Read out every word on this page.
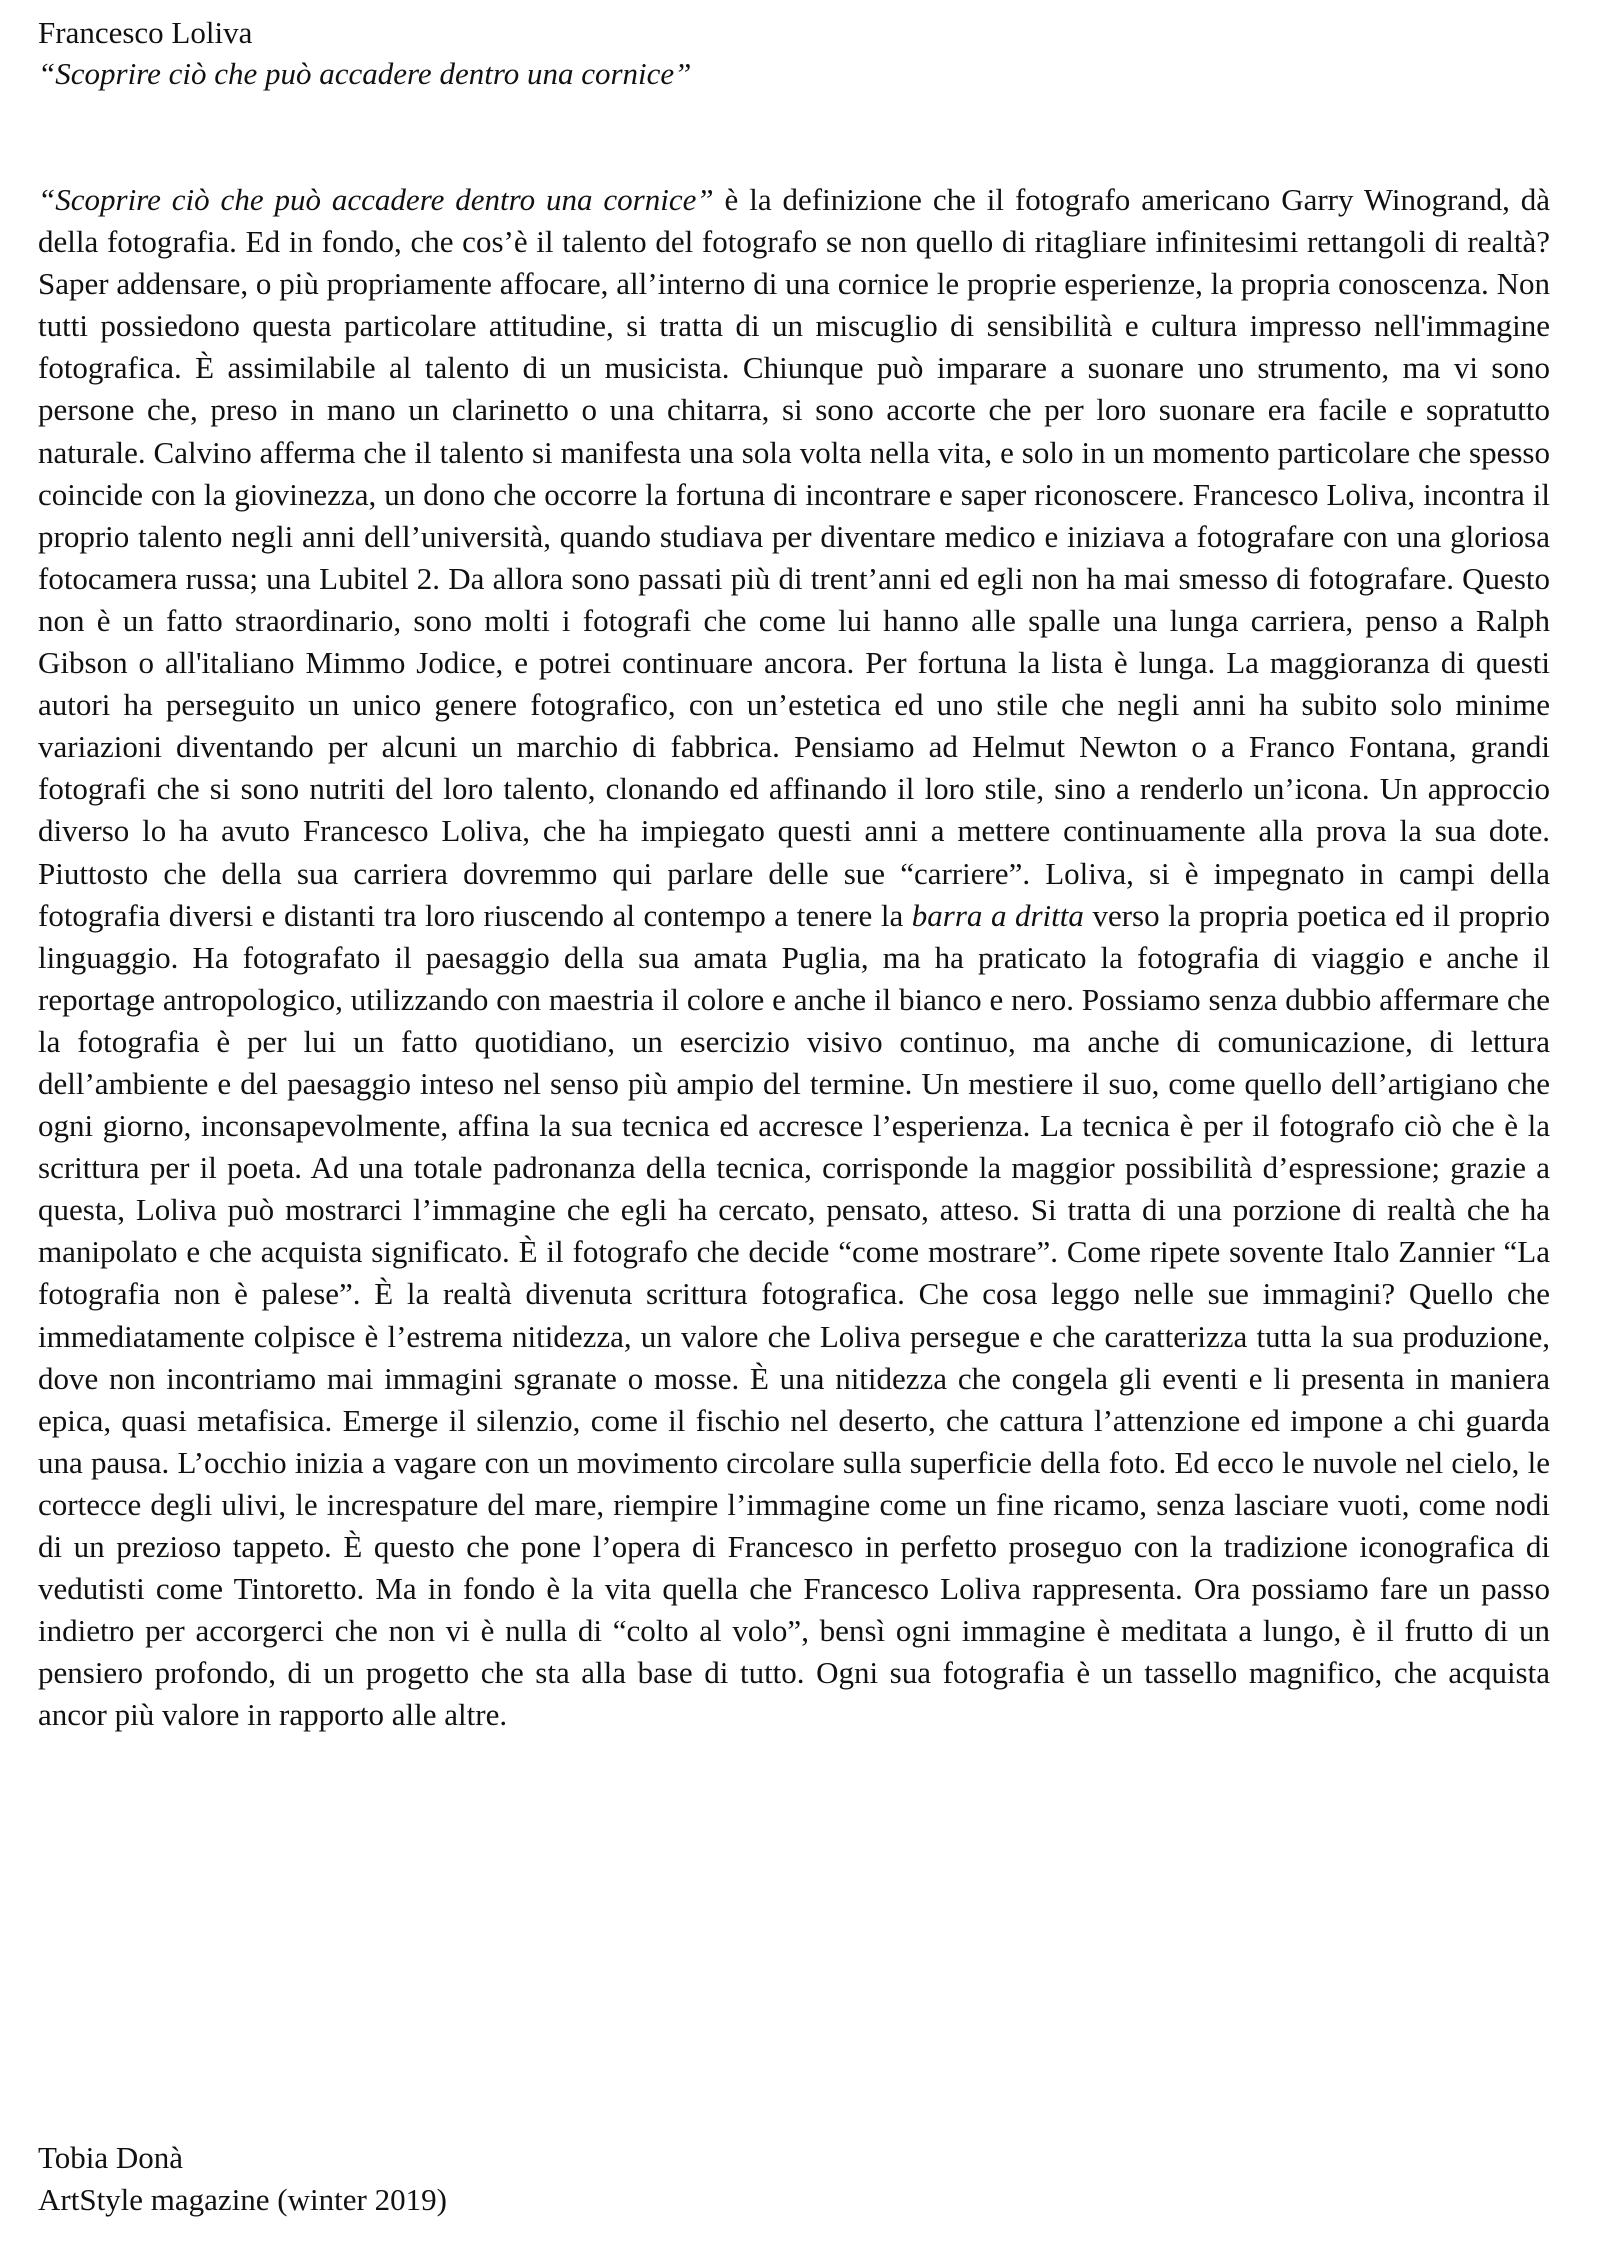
Francesco Loliva

“Scoprire ciò che può accadere dentro una cornice”

“Scoprire ciò che può accadere dentro una cornice” è la definizione che il fotografo americano Garry Winogrand, dà della fotografia. Ed in fondo, che cos’è il talento del fotografo se non quello di ritagliare infinitesimi rettangoli di realtà? Saper addensare, o più propriamente affocare, all’interno di una cornice le proprie esperienze, la propria conoscenza. Non tutti possiedono questa particolare attitudine, si tratta di un miscuglio di sensibilità e cultura impresso nell'immagine fotografica. È assimilabile al talento di un musicista. Chiunque può imparare a suonare uno strumento, ma vi sono persone che, preso in mano un clarinetto o una chitarra, si sono accorte che per loro suonare era facile e sopratutto naturale. Calvino afferma che il talento si manifesta una sola volta nella vita, e solo in un momento particolare che spesso coincide con la giovinezza, un dono che occorre la fortuna di incontrare e saper riconoscere. Francesco Loliva, incontra il proprio talento negli anni dell’università, quando studiava per diventare medico e iniziava a fotografare con una gloriosa fotocamera russa; una Lubitel 2. Da allora sono passati più di trent’anni ed egli non ha mai smesso di fotografare. Questo non è un fatto straordinario, sono molti i fotografi che come lui hanno alle spalle una lunga carriera, penso a Ralph Gibson o all'italiano Mimmo Jodice, e potrei continuare ancora. Per fortuna la lista è lunga. La maggioranza di questi autori ha perseguito un unico genere fotografico, con un’estetica ed uno stile che negli anni ha subito solo minime variazioni diventando per alcuni un marchio di fabbrica. Pensiamo ad Helmut Newton o a Franco Fontana, grandi fotografi che si sono nutriti del loro talento, clonando ed affinando il loro stile, sino a renderlo un’icona. Un approccio diverso lo ha avuto Francesco Loliva, che ha impiegato questi anni a mettere continuamente alla prova la sua dote. Piuttosto che della sua carriera dovremmo qui parlare delle sue “carriere”. Loliva, si è impegnato in campi della fotografia diversi e distanti tra loro riuscendo al contempo a tenere la barra a dritta verso la propria poetica ed il proprio linguaggio. Ha fotografato il paesaggio della sua amata Puglia, ma ha praticato la fotografia di viaggio e anche il reportage antropologico, utilizzando con maestria il colore e anche il bianco e nero. Possiamo senza dubbio affermare che la fotografia è per lui un fatto quotidiano, un esercizio visivo continuo, ma anche di comunicazione, di lettura dell’ambiente e del paesaggio inteso nel senso più ampio del termine. Un mestiere il suo, come quello dell’artigiano che ogni giorno, inconsapevolmente, affina la sua tecnica ed accresce l’esperienza. La tecnica è per il fotografo ciò che è la scrittura per il poeta. Ad una totale padronanza della tecnica, corrisponde la maggior possibilità d’espressione; grazie a questa, Loliva può mostrarci l’immagine che egli ha cercato, pensato, atteso. Si tratta di una porzione di realtà che ha manipolato e che acquista significato. È il fotografo che decide “come mostrare”. Come ripete sovente Italo Zannier “La fotografia non è palese”. È la realtà divenuta scrittura fotografica. Che cosa leggo nelle sue immagini? Quello che immediatamente colpisce è l’estrema nitidezza, un valore che Loliva persegue e che caratterizza tutta la sua produzione, dove non incontriamo mai immagini sgranate o mosse. È una nitidezza che congela gli eventi e li presenta in maniera epica, quasi metafisica. Emerge il silenzio, come il fischio nel deserto, che cattura l’attenzione ed impone a chi guarda una pausa. L’occhio inizia a vagare con un movimento circolare sulla superficie della foto. Ed ecco le nuvole nel cielo, le cortecce degli ulivi, le increspature del mare, riempire l’immagine come un fine ricamo, senza lasciare vuoti, come nodi di un prezioso tappeto. È questo che pone l’opera di Francesco in perfetto proseguo con la tradizione iconografica di vedutisti come Tintoretto. Ma in fondo è la vita quella che Francesco Loliva rappresenta. Ora possiamo fare un passo indietro per accorgerci che non vi è nulla di “colto al volo”, bensì ogni immagine è meditata a lungo, è il frutto di un pensiero profondo, di un progetto che sta alla base di tutto. Ogni sua fotografia è un tassello magnifico, che acquista ancor più valore in rapporto alle altre.

Tobia Donà

ArtStyle magazine (winter 2019)
